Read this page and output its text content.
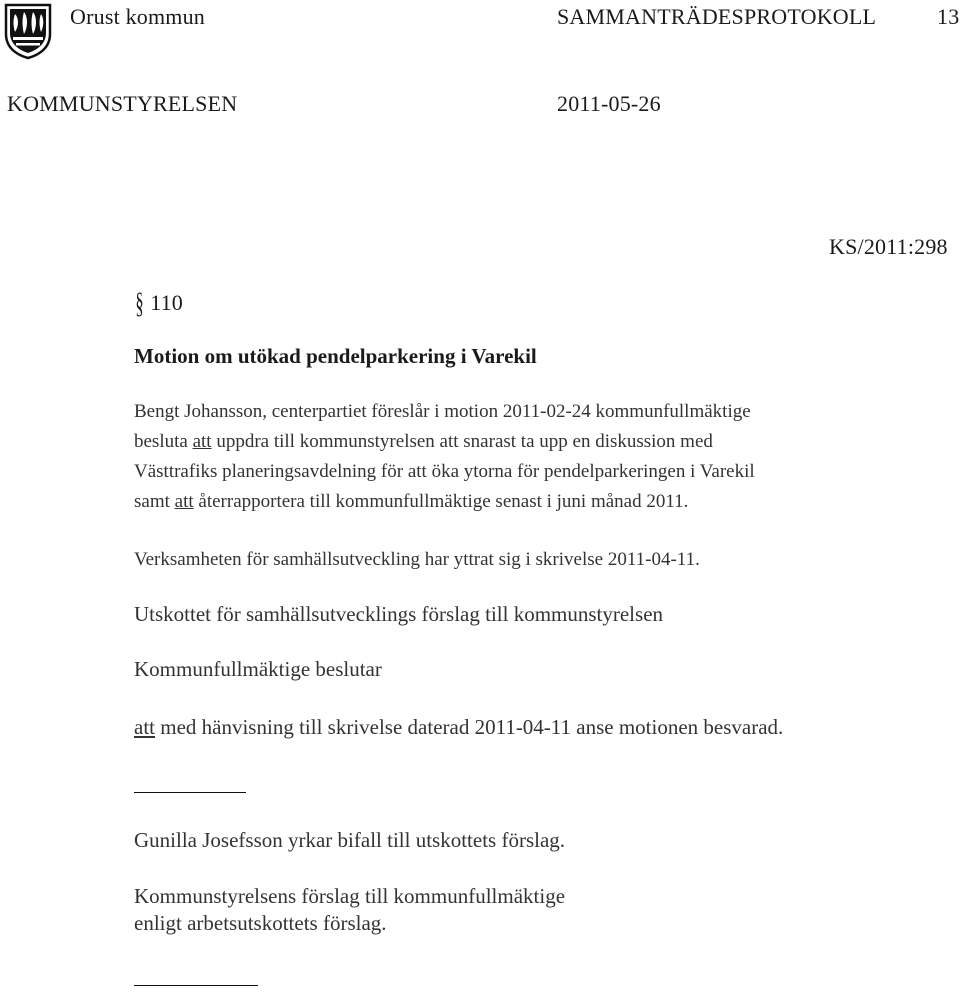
Orust kommun	SAMMANTRÄDESPROTOKOLL	13
KOMMUNSTYRELSEN	2011-05-26
KS/2011:298
§ 110
Motion om utökad pendelparkering i Varekil
Bengt Johansson, centerpartiet föreslår i motion 2011-02-24 kommunfullmäktige
besluta att uppdra till kommunstyrelsen att snarast ta upp en diskussion med
Västtrafiks planeringsavdelning för att öka ytorna för pendelparkeringen i Varekil
samt att återrapportera till kommunfullmäktige senast i juni månad 2011.
Verksamheten för samhällsutveckling har yttrat sig i skrivelse 2011-04-11.
Utskottet för samhällsutvecklings förslag till kommunstyrelsen
Kommunfullmäktige beslutar
att med hänvisning till skrivelse daterad 2011-04-11 anse motionen besvarad.
Gunilla Josefsson yrkar bifall till utskottets förslag.
Kommunstyrelsens förslag till kommunfullmäktige
enligt arbetsutskottets förslag.
